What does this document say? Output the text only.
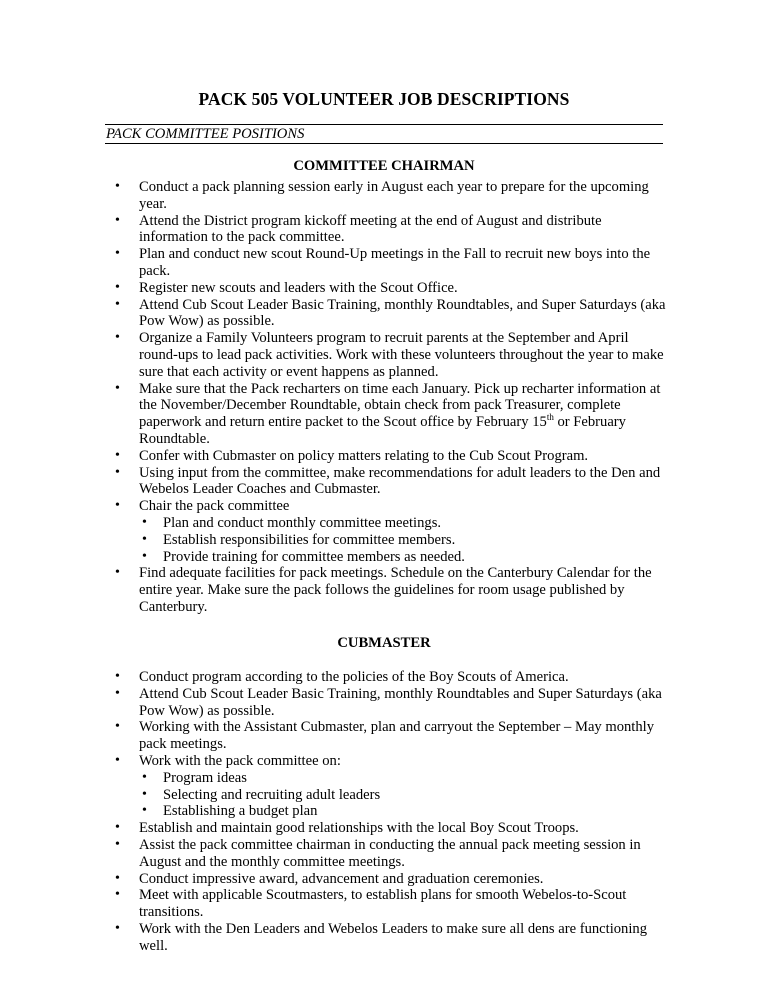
PACK 505 VOLUNTEER JOB DESCRIPTIONS
PACK COMMITTEE POSITIONS
COMMITTEE CHAIRMAN
• Conduct a pack planning session early in August each year to prepare for the upcoming year.
• Attend the District program kickoff meeting at the end of August and distribute information to the pack committee.
• Plan and conduct new scout Round-Up meetings in the Fall to recruit new boys into the pack.
• Register new scouts and leaders with the Scout Office.
• Attend Cub Scout Leader Basic Training, monthly Roundtables, and Super Saturdays (aka Pow Wow) as possible.
• Organize a Family Volunteers program to recruit parents at the September and April round-ups to lead pack activities. Work with these volunteers throughout the year to make sure that each activity or event happens as planned.
• Make sure that the Pack recharters on time each January. Pick up recharter information at the November/December Roundtable, obtain check from pack Treasurer, complete paperwork and return entire packet to the Scout office by February 15th or February Roundtable.
• Confer with Cubmaster on policy matters relating to the Cub Scout Program.
• Using input from the committee, make recommendations for adult leaders to the Den and Webelos Leader Coaches and Cubmaster.
• Chair the pack committee
• Plan and conduct monthly committee meetings.
• Establish responsibilities for committee members.
• Provide training for committee members as needed.
• Find adequate facilities for pack meetings. Schedule on the Canterbury Calendar for the entire year. Make sure the pack follows the guidelines for room usage published by Canterbury.
CUBMASTER
• Conduct program according to the policies of the Boy Scouts of America.
• Attend Cub Scout Leader Basic Training, monthly Roundtables and Super Saturdays (aka Pow Wow) as possible.
• Working with the Assistant Cubmaster, plan and carryout the September – May monthly pack meetings.
• Work with the pack committee on:
• Program ideas
• Selecting and recruiting adult leaders
• Establishing a budget plan
• Establish and maintain good relationships with the local Boy Scout Troops.
• Assist the pack committee chairman in conducting the annual pack meeting session in August and the monthly committee meetings.
• Conduct impressive award, advancement and graduation ceremonies.
• Meet with applicable Scoutmasters, to establish plans for smooth Webelos-to-Scout transitions.
• Work with the Den Leaders and Webelos Leaders to make sure all dens are functioning well.
